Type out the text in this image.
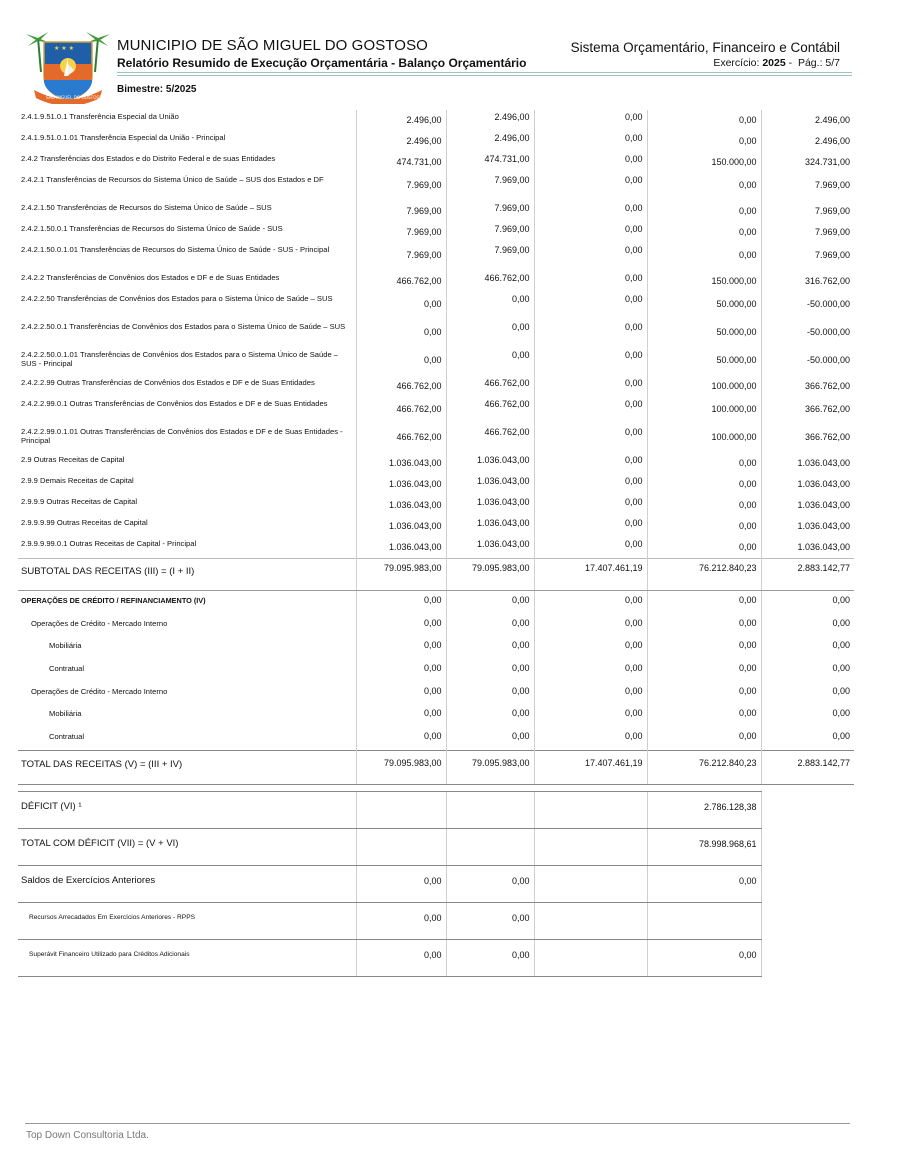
★ ★ ★
SÃO MIGUEL DO GOSTOSO
MUNICIPIO DE SÃO MIGUEL DO GOSTOSO
Relatório Resumido de Execução Orçamentária - Balanço Orçamentário
Sistema Orçamentário, Financeiro e Contábil
Exercício: 2025 - Pág.: 5/7
Bimestre: 5/2025
2.4.1.9.51.0.1 Transferência Especial da União	2.496,00	2.496,00	0,00	0,00	2.496,00
2.4.1.9.51.0.1.01 Transferência Especial da União - Principal	2.496,00	2.496,00	0,00	0,00	2.496,00
2.4.2 Transferências dos Estados e do Distrito Federal e de suas Entidades	474.731,00	474.731,00	0,00	150.000,00	324.731,00
2.4.2.1 Transferências de Recursos do Sistema Único de Saúde – SUS dos Estados e DF	7.969,00	7.969,00	0,00	0,00	7.969,00
2.4.2.1.50 Transferências de Recursos do Sistema Único de Saúde – SUS	7.969,00	7.969,00	0,00	0,00	7.969,00
2.4.2.1.50.0.1 Transferências de Recursos do Sistema Único de Saúde - SUS	7.969,00	7.969,00	0,00	0,00	7.969,00
2.4.2.1.50.0.1.01 Transferências de Recursos do Sistema Único de Saúde - SUS - Principal	7.969,00	7.969,00	0,00	0,00	7.969,00
2.4.2.2 Transferências de Convênios dos Estados e DF e de Suas Entidades	466.762,00	466.762,00	0,00	150.000,00	316.762,00
2.4.2.2.50 Transferências de Convênios dos Estados para o Sistema Único de Saúde – SUS	0,00	0,00	0,00	50.000,00	-50.000,00
2.4.2.2.50.0.1 Transferências de Convênios dos Estados para o Sistema Único de Saúde – SUS	0,00	0,00	0,00	50.000,00	-50.000,00
2.4.2.2.50.0.1.01 Transferências de Convênios dos Estados para o Sistema Único de Saúde – SUS - Principal	0,00	0,00	0,00	50.000,00	-50.000,00
2.4.2.2.99 Outras Transferências de Convênios dos Estados e DF e de Suas Entidades	466.762,00	466.762,00	0,00	100.000,00	366.762,00
2.4.2.2.99.0.1 Outras Transferências de Convênios dos Estados e DF e de Suas Entidades	466.762,00	466.762,00	0,00	100.000,00	366.762,00
2.4.2.2.99.0.1.01 Outras Transferências de Convênios dos Estados e DF e de Suas Entidades - Principal	466.762,00	466.762,00	0,00	100.000,00	366.762,00
2.9 Outras Receitas de Capital	1.036.043,00	1.036.043,00	0,00	0,00	1.036.043,00
2.9.9 Demais Receitas de Capital	1.036.043,00	1.036.043,00	0,00	0,00	1.036.043,00
2.9.9.9 Outras Receitas de Capital	1.036.043,00	1.036.043,00	0,00	0,00	1.036.043,00
2.9.9.9.99 Outras Receitas de Capital	1.036.043,00	1.036.043,00	0,00	0,00	1.036.043,00
2.9.9.9.99.0.1 Outras Receitas de Capital - Principal	1.036.043,00	1.036.043,00	0,00	0,00	1.036.043,00
SUBTOTAL DAS RECEITAS (III) = (I + II)	79.095.983,00	79.095.983,00	17.407.461,19	76.212.840,23	2.883.142,77
OPERAÇÕES DE CRÉDITO / REFINANCIAMENTO (IV)	0,00	0,00	0,00	0,00	0,00
Operações de Crédito - Mercado Interno	0,00	0,00	0,00	0,00	0,00
Mobiliária	0,00	0,00	0,00	0,00	0,00
Contratual	0,00	0,00	0,00	0,00	0,00
Operações de Crédito - Mercado Interno	0,00	0,00	0,00	0,00	0,00
Mobiliária	0,00	0,00	0,00	0,00	0,00
Contratual	0,00	0,00	0,00	0,00	0,00
TOTAL DAS RECEITAS (V) = (III + IV)	79.095.983,00	79.095.983,00	17.407.461,19	76.212.840,23	2.883.142,77

DÉFICIT (VI) ¹				2.786.128,38	
TOTAL COM DÉFICIT (VII) = (V + VI)				78.998.968,61	
Saldos de Exercícios Anteriores	0,00	0,00		0,00	
Recursos Arrecadados Em Exercícios Anteriores - RPPS	0,00	0,00			
Superávit Financeiro Utilizado para Créditos Adicionais	0,00	0,00		0,00	
Top Down Consultoria Ltda.
